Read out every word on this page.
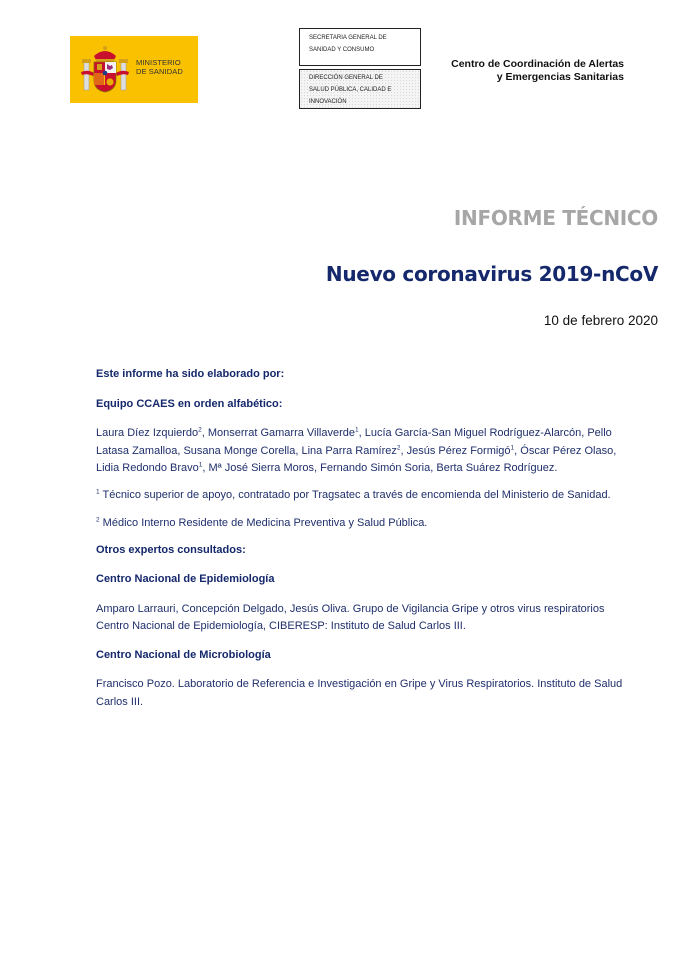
MINISTERIO
DE SANIDAD
SECRETARIA GENERAL DE
SANIDAD Y CONSUMO
DIRECCIÓN GENERAL DE
SALUD PÚBLICA, CALIDAD E
INNOVACIÓN
Centro de Coordinación de Alertas
y Emergencias Sanitarias
INFORME TÉCNICO
Nuevo coronavirus 2019-nCoV
10 de febrero 2020

Este informe ha sido elaborado por:

Equipo CCAES en orden alfabético:

Laura Díez Izquierdo$^2$, Monserrat Gamarra Villaverde$^1$, Lucía García-San Miguel Rodríguez-Alarcón, Pello Latasa Zamalloa, Susana Monge Corella, Lina Parra Ramírez$^2$, Jesús Pérez Formigó$^1$, Óscar Pérez Olaso, Lidia Redondo Bravo$^1$, Mª José Sierra Moros, Fernando Simón Soria, Berta Suárez Rodríguez.

$^1$ Técnico superior de apoyo, contratado por Tragsatec a través de encomienda del Ministerio de Sanidad.

$^2$ Médico Interno Residente de Medicina Preventiva y Salud Pública.

Otros expertos consultados:

Centro Nacional de Epidemiología

Amparo Larrauri, Concepción Delgado, Jesús Oliva. Grupo de Vigilancia Gripe y otros virus respiratorios Centro Nacional de Epidemiología, CIBERESP: Instituto de Salud Carlos III.

Centro Nacional de Microbiología

Francisco Pozo. Laboratorio de Referencia e Investigación en Gripe y Virus Respiratorios. Instituto de Salud Carlos III.
